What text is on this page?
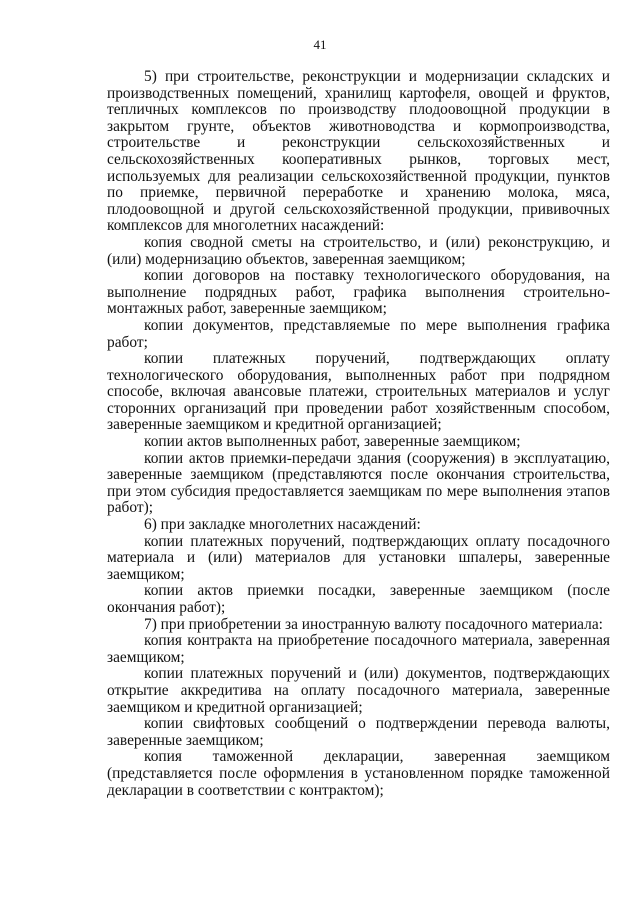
41

5) при строительстве, реконструкции и модернизации складских и производственных помещений, хранилищ картофеля, овощей и фруктов, тепличных комплексов по производству плодоовощной продукции в закрытом грунте, объектов животноводства и кормопроизводства, строительстве и реконструкции сельскохозяйственных и сельскохозяйственных кооперативных рынков, торговых мест, используемых для реализации сельскохозяйственной продукции, пунктов по приемке, первичной переработке и хранению молока, мяса, плодоовощной и другой сельскохозяйственной продукции, прививочных комплексов для многолетних насаждений:

копия сводной сметы на строительство, и (или) реконструкцию, и (или) модернизацию объектов, заверенная заемщиком;

копии договоров на поставку технологического оборудования, на выполнение подрядных работ, графика выполнения строительно-монтажных работ, заверенные заемщиком;

копии документов, представляемые по мере выполнения графика работ;

копии платежных поручений, подтверждающих оплату технологического оборудования, выполненных работ при подрядном способе, включая авансовые платежи, строительных материалов и услуг сторонних организаций при проведении работ хозяйственным способом, заверенные заемщиком и кредитной организацией;

копии актов выполненных работ, заверенные заемщиком;

копии актов приемки-передачи здания (сооружения) в эксплуатацию, заверенные заемщиком (представляются после окончания строительства, при этом субсидия предоставляется заемщикам по мере выполнения этапов работ);

6) при закладке многолетних насаждений:

копии платежных поручений, подтверждающих оплату посадочного материала и (или) материалов для установки шпалеры, заверенные заемщиком;

копии актов приемки посадки, заверенные заемщиком (после окончания работ);

7) при приобретении за иностранную валюту посадочного материала:

копия контракта на приобретение посадочного материала, заверенная заемщиком;

копии платежных поручений и (или) документов, подтверждающих открытие аккредитива на оплату посадочного материала, заверенные заемщиком и кредитной организацией;

копии свифтовых сообщений о подтверждении перевода валюты, заверенные заемщиком;

копия таможенной декларации, заверенная заемщиком (представляется после оформления в установленном порядке таможенной декларации в соответствии с контрактом);
